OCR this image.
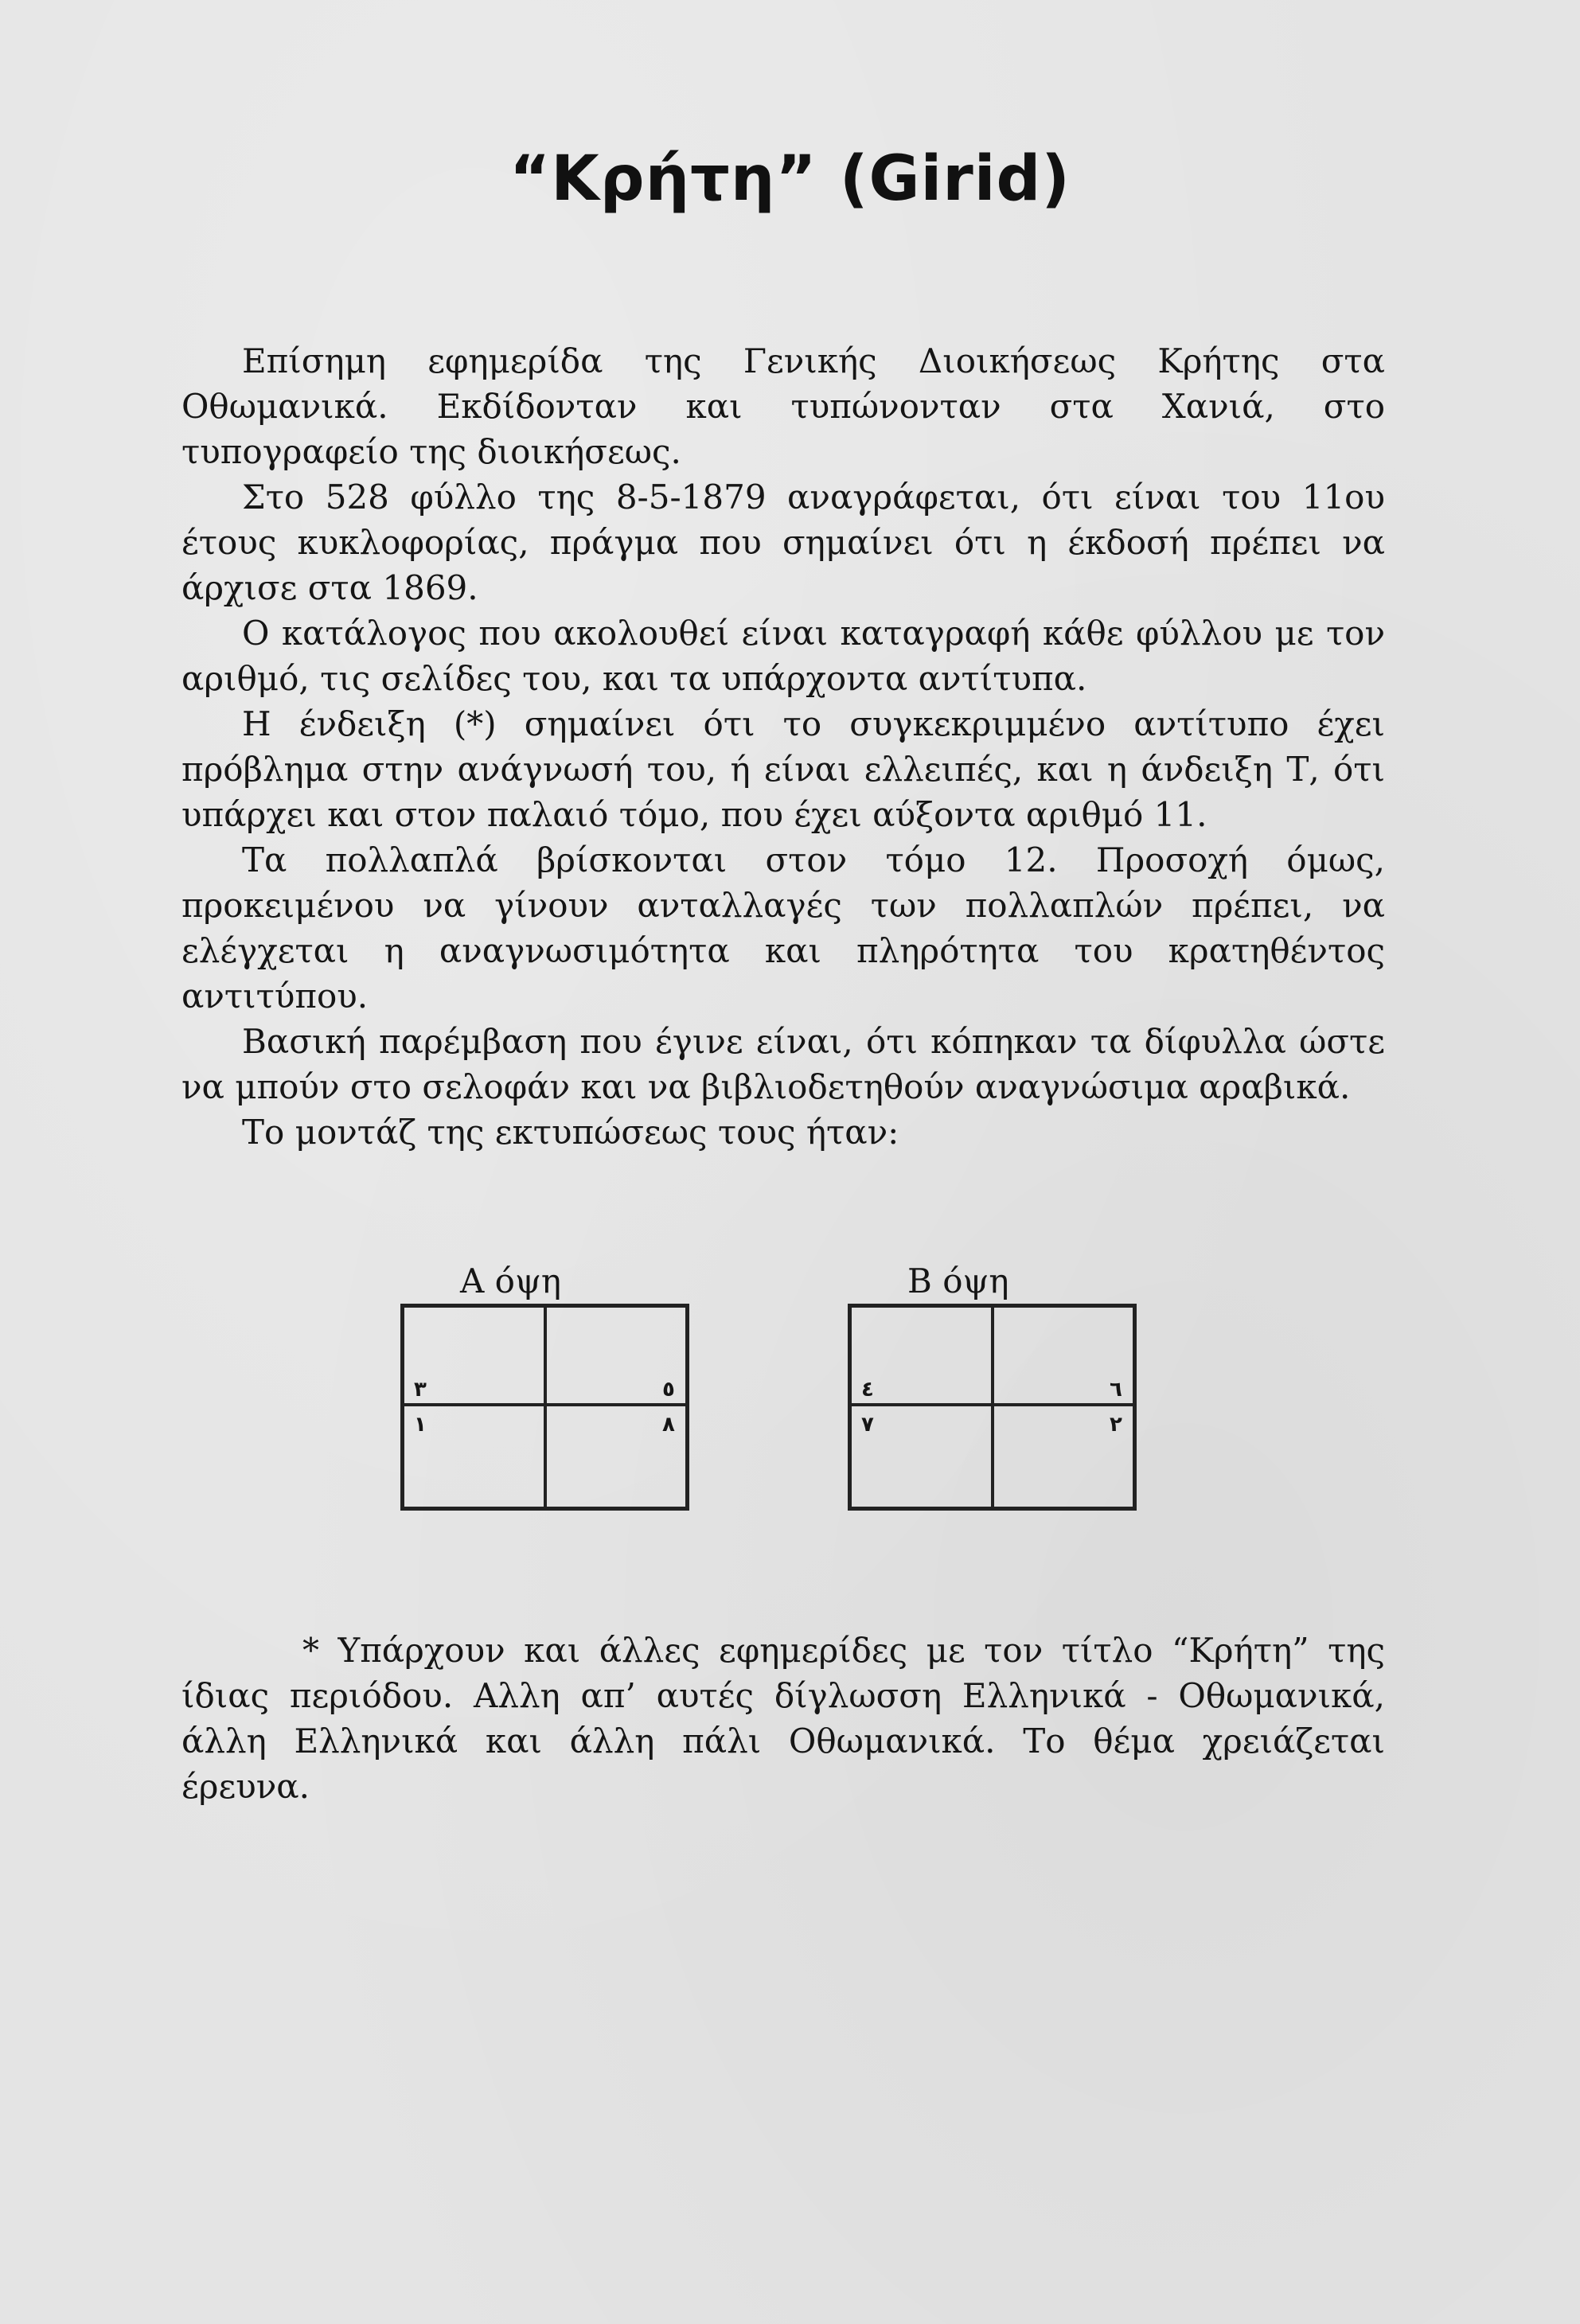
“Κρήτη” (Girid)

Επίσημη εφημερίδα της Γενικής Διοικήσεως Κρήτης στα Οθωμανικά. Εκδίδονταν και τυπώνονταν στα Χανιά, στο τυπογραφείο της διοικήσεως.

Στο 528 φύλλο της 8-5-1879 αναγράφεται, ότι είναι του 11ου έτους κυκλοφορίας, πράγμα που σημαίνει ότι η έκδοσή πρέπει να άρχισε στα 1869.

Ο κατάλογος που ακολουθεί είναι καταγραφή κάθε φύλλου με τον αριθμό, τις σελίδες του, και τα υπάρχοντα αντίτυπα.

Η ένδειξη (*) σημαίνει ότι το συγκεκριμμένο αντίτυπο έχει πρόβλημα στην ανάγνωσή του, ή είναι ελλειπές, και η άνδειξη Τ, ότι υπάρχει και στον παλαιό τόμο, που έχει αύξοντα αριθμό 11.

Τα πολλαπλά βρίσκονται στον τόμο 12. Προσοχή όμως, προκειμένου να γίνουν ανταλλαγές των πολλαπλών πρέπει, να ελέγχεται η αναγνωσιμότητα και πληρότητα του κρατηθέντος αντιτύπου.

Βασική παρέμβαση που έγινε είναι, ότι κόπηκαν τα δίφυλλα ώστε να μπούν στο σελοφάν και να βιβλιοδετηθούν αναγνώσιμα αραβικά.

Το μοντάζ της εκτυπώσεως τους ήταν:

Α όψη
٣	٥
١	٨
Β όψη
٤	٦
٧	٢
* Υπάρχουν και άλλες εφημερίδες με τον τίτλο “Κρήτη” της ίδιας περιόδου. Αλλη απ’ αυτές δίγλωσση Ελληνικά - Οθωμανικά, άλλη Ελληνικά και άλλη πάλι Οθωμανικά. Το θέμα χρειάζεται έρευνα.
